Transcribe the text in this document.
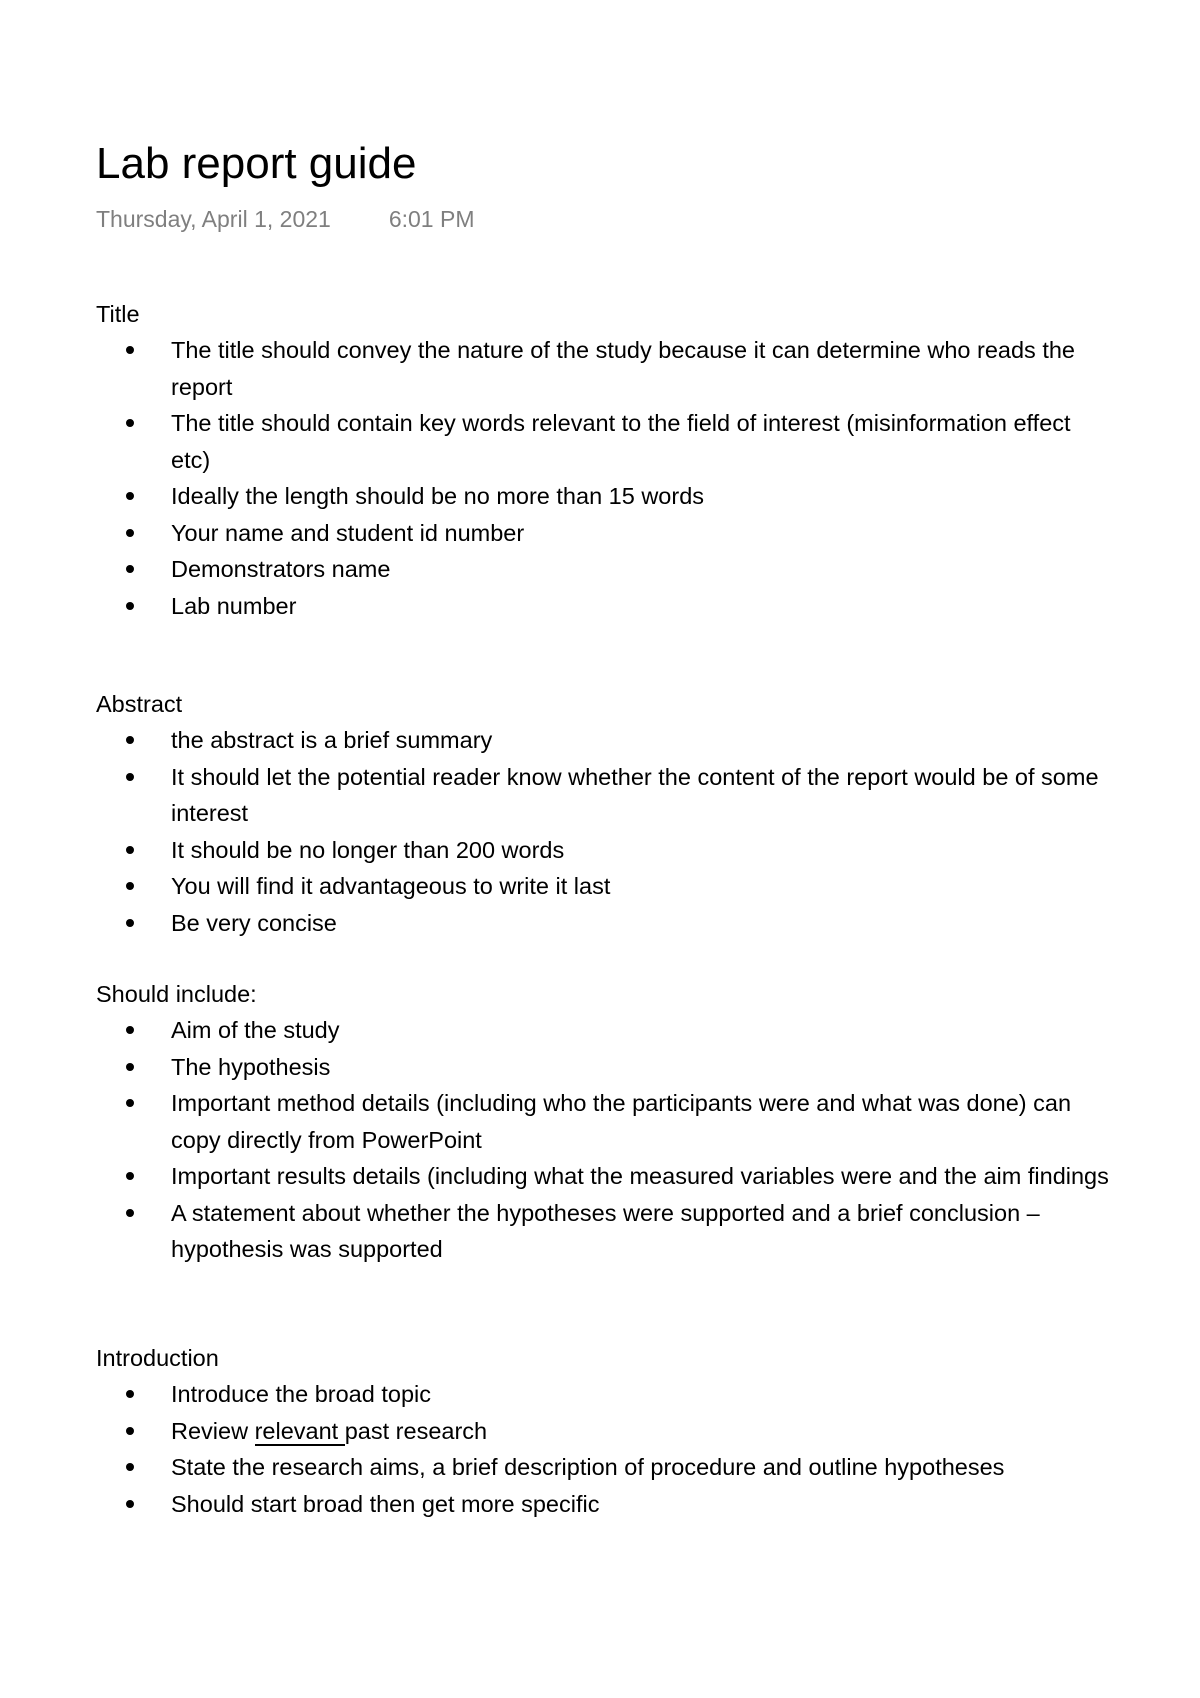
Lab report guide
Thursday, April 1, 2021	6:01 PM

Title

The title should convey the nature of the study because it can determine who reads the report
The title should contain key words relevant to the field of interest (misinformation effect etc)
Ideally the length should be no more than 15 words
Your name and student id number
Demonstrators name
Lab number

Abstract

the abstract is a brief summary
It should let the potential reader know whether the content of the report would be of some interest
It should be no longer than 200 words
You will find it advantageous to write it last
Be very concise

Should include:

Aim of the study
The hypothesis
Important method details (including who the participants were and what was done) can copy directly from PowerPoint
Important results details (including what the measured variables were and the aim findings
A statement about whether the hypotheses were supported and a brief conclusion – hypothesis was supported

Introduction

Introduce the broad topic
Review relevant past research
State the research aims, a brief description of procedure and outline hypotheses
Should start broad then get more specific
